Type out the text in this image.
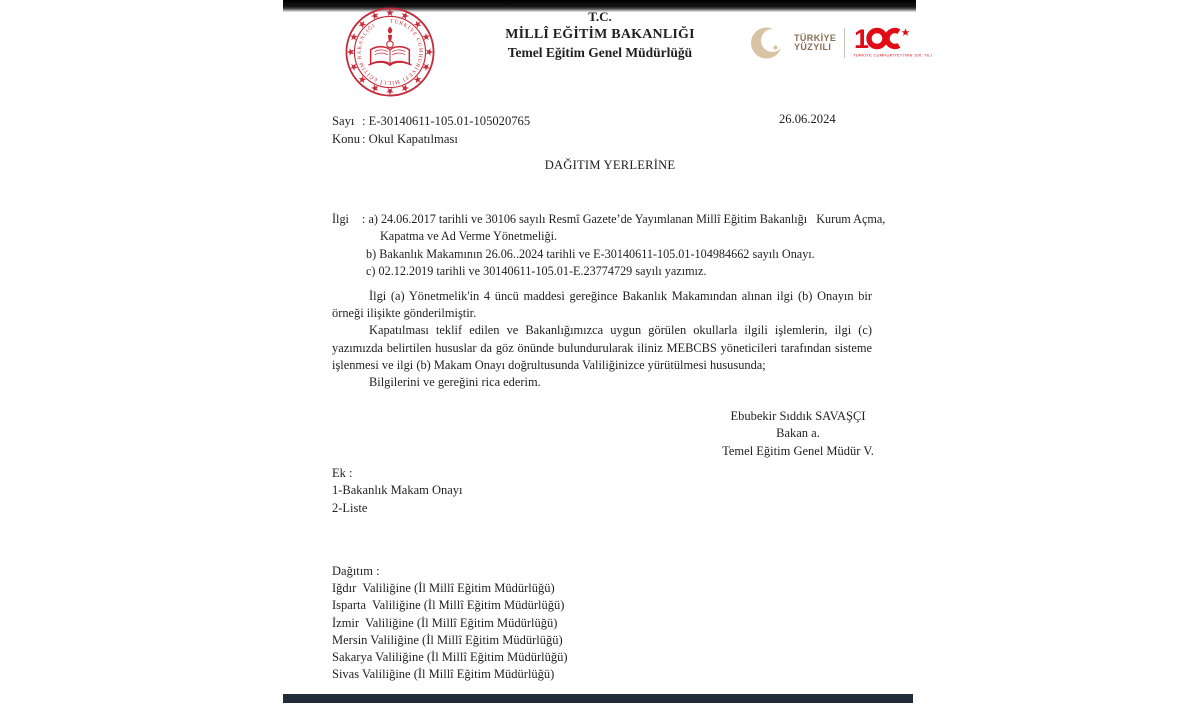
TÜRKİYE CUMHURİYETİ MİLLÎ EĞİTİM BAKANLIĞI
T.C.
MİLLÎ EĞİTİM BAKANLIĞI
Temel Eğitim Genel Müdürlüğü
TÜRKİYE
YÜZYILI 1
TÜRKİYE CUMHURİYETİ'NİN 100. YILI
Sayı : E-30140611-105.01-105020765
Konu : Okul Kapatılması
26.06.2024
DAĞITIM YERLERİNE
İlgi : a) 24.06.2017 tarihli ve 30106 sayılı Resmî Gazete’de Yayımlanan Millî Eğitim Bakanlığı   Kurum Açma,
Kapatma ve Ad Verme Yönetmeliği.
b) Bakanlık Makamının 26.06..2024 tarihli ve E-30140611-105.01-104984662 sayılı Onayı.
c) 02.12.2019 tarihli ve 30140611-105.01-E.23774729 sayılı yazımız.

İlgi (a) Yönetmelik'in 4 üncü maddesi gereğince Bakanlık Makamından alınan ilgi (b) Onayın bir örneği ilişikte gönderilmiştir.

Kapatılması teklif edilen ve Bakanlığımızca uygun görülen okullarla ilgili işlemlerin, ilgi (c) yazımızda belirtilen hususlar da göz önünde bulundurularak iliniz MEBCBS yöneticileri tarafından sisteme işlenmesi ve ilgi (b) Makam Onayı doğrultusunda Valiliğinizce yürütülmesi hususunda;

Bilgilerini ve gereğini rica ederim.

Ebubekir Sıddık SAVAŞÇI
Bakan a.
Temel Eğitim Genel Müdür V.
Ek :
1-Bakanlık Makam Onayı
2-Liste
Dağıtım :
Iğdır  Valiliğine (İl Millî Eğitim Müdürlüğü)
Isparta  Valiliğine (İl Millî Eğitim Müdürlüğü)
İzmir  Valiliğine (İl Millî Eğitim Müdürlüğü)
Mersin Valiliğine (İl Millî Eğitim Müdürlüğü)
Sakarya Valiliğine (İl Millî Eğitim Müdürlüğü)
Sivas Valiliğine (İl Millî Eğitim Müdürlüğü)
